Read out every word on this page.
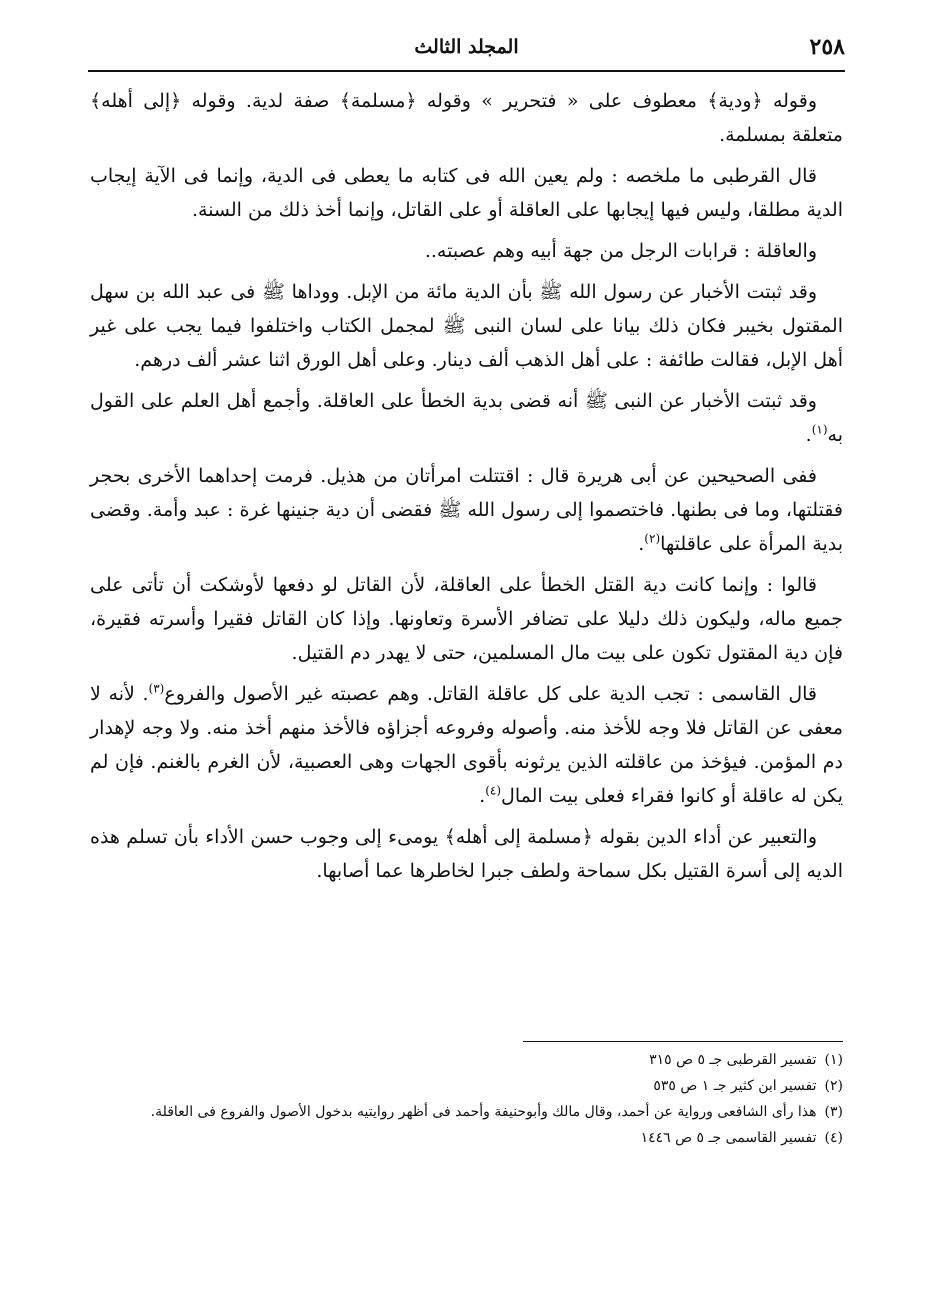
٢٥٨
المجلد الثالث

وقوله ﴿ودية﴾ معطوف على « فتحرير » وقوله ﴿مسلمة﴾ صفة لدية. وقوله ﴿إلى أهله﴾ متعلقة بمسلمة.

قال القرطبى ما ملخصه : ولم يعين الله فى كتابه ما يعطى فى الدية، وإنما فى الآية إيجاب الدية مطلقا، وليس فيها إيجابها على العاقلة أو على القاتل، وإنما أخذ ذلك من السنة.

والعاقلة : قرابات الرجل من جهة أبيه وهم عصبته..

وقد ثبتت الأخبار عن رسول الله ﷺ بأن الدية مائة من الإبل. ووداها ﷺ فى عبد الله بن سهل المقتول بخيبر فكان ذلك بيانا على لسان النبى ﷺ لمجمل الكتاب واختلفوا فيما يجب على غير أهل الإبل، فقالت طائفة : على أهل الذهب ألف دينار. وعلى أهل الورق اثنا عشر ألف درهم.

وقد ثبتت الأخبار عن النبى ﷺ أنه قضى بدية الخطأ على العاقلة. وأجمع أهل العلم على القول به$^{(١)}$.

ففى الصحيحين عن أبى هريرة قال : اقتتلت امرأتان من هذيل. فرمت إحداهما الأخرى بحجر فقتلتها، وما فى بطنها. فاختصموا إلى رسول الله ﷺ فقضى أن دية جنينها غرة : عبد وأمة. وقضى بدية المرأة على عاقلتها$^{(٢)}$.

قالوا : وإنما كانت دية القتل الخطأ على العاقلة، لأن القاتل لو دفعها لأوشكت أن تأتى على جميع ماله، وليكون ذلك دليلا على تضافر الأسرة وتعاونها. وإذا كان القاتل فقيرا وأسرته فقيرة، فإن دية المقتول تكون على بيت مال المسلمين، حتى لا يهدر دم القتيل.

قال القاسمى : تجب الدية على كل عاقلة القاتل. وهم عصبته غير الأصول والفروع$^{(٣)}$. لأنه لا معفى عن القاتل فلا وجه للأخذ منه. وأصوله وفروعه أجزاؤه فالأخذ منهم أخذ منه. ولا وجه لإهدار دم المؤمن. فيؤخذ من عاقلته الذين يرثونه بأقوى الجهات وهى العصبية، لأن الغرم بالغنم. فإن لم يكن له عاقلة أو كانوا فقراء فعلى بيت المال$^{(٤)}$.

والتعبير عن أداء الدين بقوله ﴿مسلمة إلى أهله﴾ يومىء إلى وجوب حسن الأداء بأن تسلم هذه الديه إلى أسرة القتيل بكل سماحة ولطف جبرا لخاطرها عما أصابها.

(١)تفسير القرطبى جـ ٥ ص ٣١٥

(٢)تفسير ابن كثير جـ ١ ص ٥٣٥

(٣)هذا رأى الشافعى ورواية عن أحمد، وقال مالك وأبوحنيفة وأحمد فى أظهر روايتيه بدخول الأصول والفروع فى العاقلة.

(٤)تفسير القاسمى جـ ٥ ص ١٤٤٦
